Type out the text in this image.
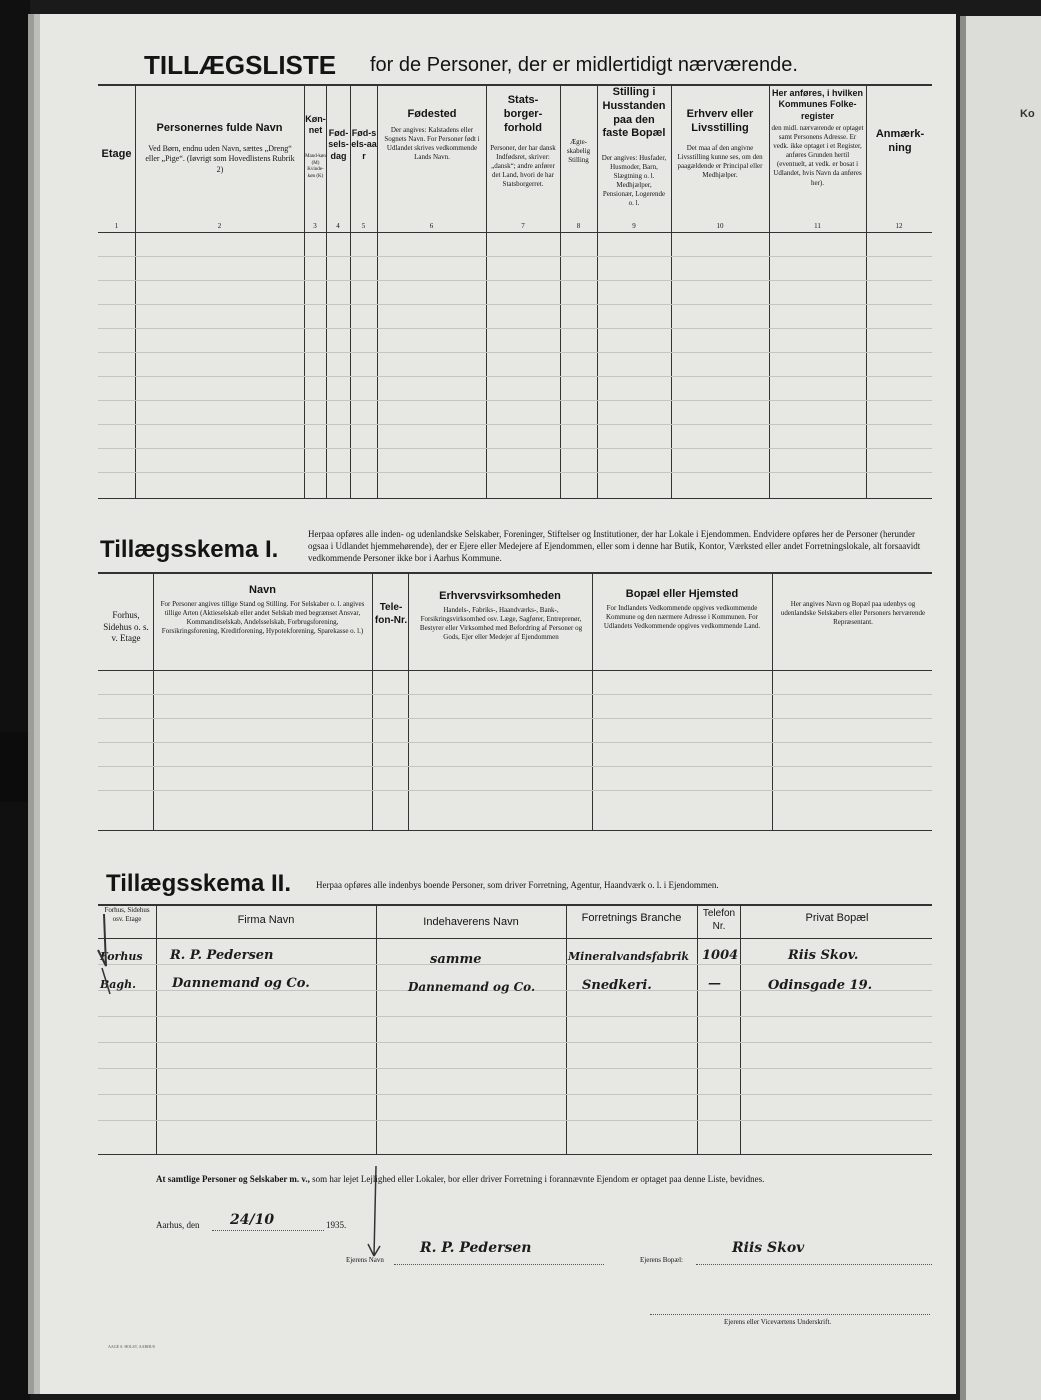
Ko
TILLÆGSLISTE for de Personer, der er midlertidigt nærværende.
Etage
Personernes fulde Navn
Ved Børn, endnu uden Navn, sættes „Dreng“ eller „Pige“. (Iøvrigt som Hovedlistens Rubrik 2)
Køn-net
Mand-køn (M) Kvinde-køn (K)
Fød-sels-dag
Fød-sels-aar
Fødested
Der angives: Kalstadens eller Sognets Navn. For Personer født i Udlandet skrives vedkommende Lands Navn.
Stats-borger-forhold
Personer, der har dansk Indfødsret, skriver: „dansk“; andre anfører det Land, hvori de har Statsborgerret.
Ægte-skabelig Stilling
Stilling i Husstanden paa den faste Bopæl
Der angives: Husfader, Husmoder, Barn, Slægtning o. l. Medhjælper, Pensionær, Logerende o. l.
Erhverv eller Livsstilling
Det maa af den angivne Livsstilling kunne ses, om den paagældende er Principal eller Medhjælper.
Her anføres, i hvilken Kommunes Folke-register
den midl. nærværende er optaget samt Personens Adresse. Er vedk. ikke optaget i et Register, anføres Grunden hertil (eventuelt, at vedk. er bosat i Udlandet, hvis Navn da anføres her).
Anmærk-ning
1	2	3	4	5	6	7	8	9	10	11	12
Tillægsskema I.
Herpaa opføres alle inden- og udenlandske Selskaber, Foreninger, Stiftelser og Institutioner, der har Lokale i Ejendommen. Endvidere opføres her de Personer (herunder ogsaa i Udlandet hjemmehørende), der er Ejere eller Medejere af Ejendommen, eller som i denne har Butik, Kontor, Værksted eller andet Forretningslokale, alt forsaavidt vedkommende Personer ikke bor i Aarhus Kommune.
Forhus, Sidehus o. s. v. Etage
Navn
For Personer angives tillige Stand og Stilling. For Selskaber o. l. angives tillige Arten (Aktieselskab eller andet Selskab med begrænset Ansvar, Kommanditselskab, Andelsselskab, Forbrugsforening, Forsikringsforening, Kreditforening, Hypotekforening, Sparekasse o. l.)
Tele-fon-Nr.
Erhvervsvirksomheden
Handels-, Fabriks-, Haandværks-, Bank-, Forsikringsvirksomhed osv. Læge, Sagfører, Entreprenør, Bestyrer eller Virksomhed med Befordring af Personer og Gods, Ejer eller Medejer af Ejendommen
Bopæl eller Hjemsted
For Indlandets Vedkommende opgives vedkommende Kommune og den nærmere Adresse i Kommunen. For Udlandets Vedkommende opgives vedkommende Land.
Her angives Navn og Bopæl paa udenbys og udenlandske Selskabers eller Personers herværende Repræsentant.
Tillægsskema II.	Herpaa opføres alle indenbys boende Personer, som driver Forretning, Agentur, Haandværk o. l. i Ejendommen.
Forhus, Sidehus osv. Etage	Firma Navn	Indehaverens Navn	Forretnings Branche	Telefon Nr.
Privat Bopæl
Forhus R. P. Pedersen	samme	Mineralvandsfabrik 1004	Riis Skov.
Bagh.	Dannemand og Co.	Dannemand og Co.	Snedkeri.	—	Odinsgade 19.
At samtlige Personer og Selskaber m. v., som har lejet Lejlighed eller Lokaler, bor eller driver Forretning i forannævnte Ejendom er optaget paa denne Liste, bevidnes.
Aarhus, den 24/10	1935.
Ejerens Navn
R. P. Pedersen
Ejerens Bopæl:
Riis Skov
Ejerens eller Viceværtens Underskrift.
AAGE S. HOLST, AARHUS
